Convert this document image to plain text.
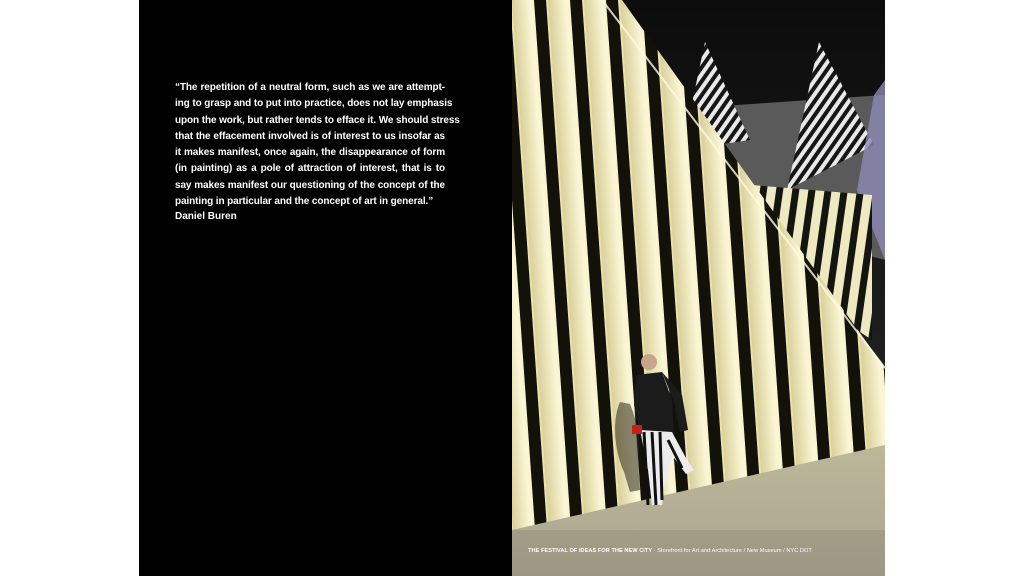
“The repetition of a neutral form, such as we are attempt-
ing to grasp and to put into practice, does not lay emphasis
upon the work, but rather tends to efface it. We should stress
that the effacement involved is of interest to us insofar as
it makes manifest, once again, the disappearance of form
(in painting) as a pole of attraction of interest, that is to
say makes manifest our questioning of the concept of the
painting in particular and the concept of art in general.”
Daniel Buren
THE FESTIVAL OF IDEAS FOR THE NEW CITY · Storefront for Art and Architecture / New Museum / NYC DOT
